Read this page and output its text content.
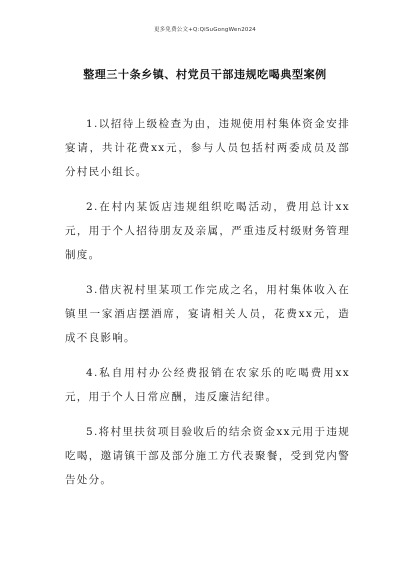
更多免费公文+Q:QiSuGongWen2024
整理三十条乡镇、村党员干部违规吃喝典型案例

1.以招待上级检查为由，违规使用村集体资金安排宴请，共计花费xx元，参与人员包括村两委成员及部分村民小组长。

2.在村内某饭店违规组织吃喝活动，费用总计xx元，用于个人招待朋友及亲属，严重违反村级财务管理制度。

3.借庆祝村里某项工作完成之名，用村集体收入在镇里一家酒店摆酒席，宴请相关人员，花费xx元，造成不良影响。

4.私自用村办公经费报销在农家乐的吃喝费用xx元，用于个人日常应酬，违反廉洁纪律。

5.将村里扶贫项目验收后的结余资金xx元用于违规吃喝，邀请镇干部及部分施工方代表聚餐，受到党内警告处分。
